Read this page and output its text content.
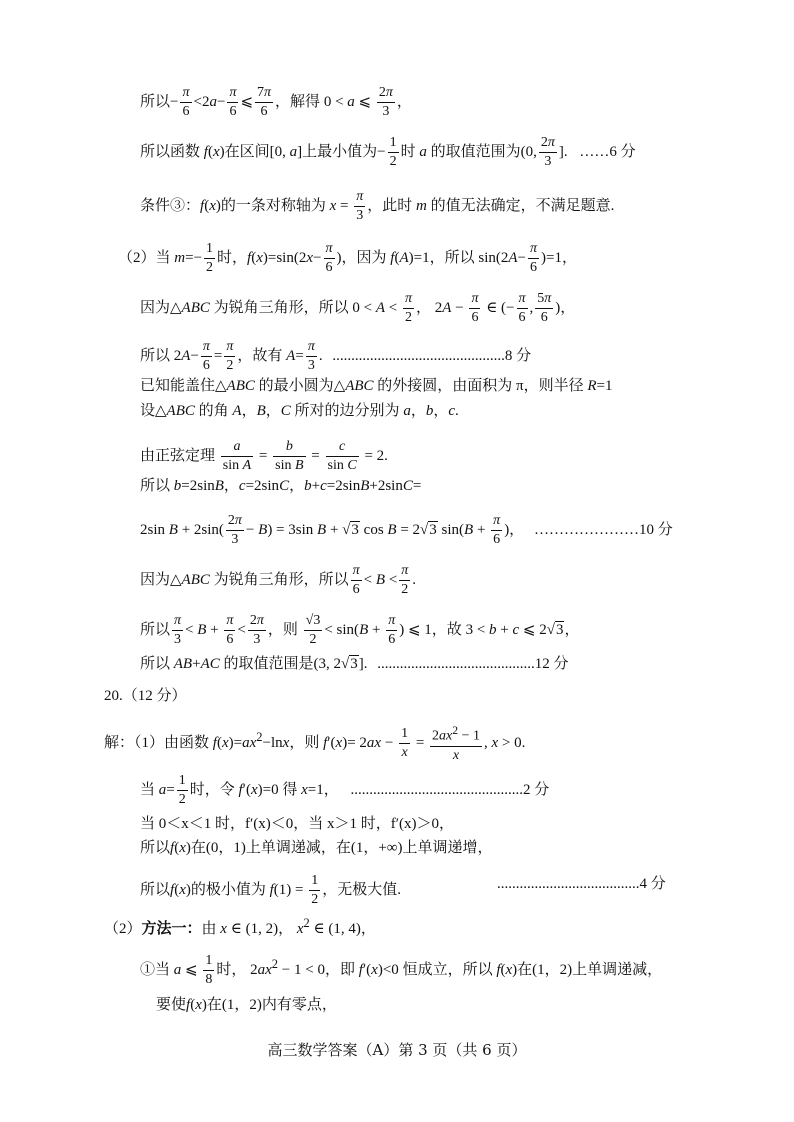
所以− $\frac{\pi}{6} <2a- \frac{\pi}{6}$ ⩽ $\frac{7\pi}{6}$ ，解得 0 < a ⩽ $\frac{2\pi}{3}$ ，
所以函数 f(x)在区间[0, a]上最小值为− $\frac{1}{2}$ 时 a 的取值范围为(0, $\frac{2\pi}{3}$ ]. ……6 分
条件③：f(x)的一条对称轴为 $x = \frac{\pi}{3}$ ，此时 m 的值无法确定，不满足题意.
（2）当 $m=- \frac{1}{2}$ 时，$f(x)=\sin(2x- \frac{\pi}{6}$ )，因为 f(A)=1，所以 $\sin(2A- \frac{\pi}{6} )=1$，
因为△ABC 为锐角三角形，所以 $0 < A < \frac{\pi}{2}$ ， $2A - \frac{\pi}{6}$ ∈ (− $\frac{\pi}{6}$ , $\frac{5\pi}{6}$ )，
所以 $2A- \frac{\pi}{6} = \frac{\pi}{2}$ ，故有 $A= \frac{\pi}{3}$ . ..............................................8 分
已知能盖住△ABC 的最小圆为△ABC 的外接圆，由面积为 π，则半径 R=1
设△ABC 的角 A，B，C 所对的边分别为 a，b，c.
由正弦定理 $\frac{a}{\text{sin A}} = \frac{b}{\text{sin B}} = \frac{c}{\text{sin C}} = 2$.
所以 b=2sinB，c=2sinC，b+c=2sinB+2sinC=
2sin $B + 2\sin( \frac{2\pi}{3} - B) = 3\sin$ B + √3 cos B = 2√3 $\sin(B + \frac{\pi}{6}$ )， …………………10 分
因为△ABC 为锐角三角形，所以 $\frac{\pi}{6} < B < \frac{\pi}{2}$ .
所以 $\frac{\pi}{3} < B + \frac{\pi}{6} < \frac{2\pi}{3}$ ，则 $\frac{√3}{2} < \sin(B + \frac{\pi}{6}$ ) ⩽ 1，故 3 < b + c ⩽ 2√3，
所以 AB+AC 的取值范围是(3, 2√3]. ..........................................12 分
20.（12 分）
解：（1）由函数 $f(x)=ax^2-\ln x$，则 $f'(x)= 2ax - \frac{1}{x} = \frac{2ax^2 - 1}{x}$ , x > 0.
当 $a= \frac{1}{2}$ 时，令 f′(x)=0 得 x=1， ..............................................2 分
当 0＜x＜1 时，f′(x)＜0，当 x＞1 时，f′(x)＞0，
所以f(x)在(0，1)上单调递减，在(1，+∞)上单调递增，
所以f(x)的极小值为 $f(1) = \frac{1}{2}$ ，无极大值.	......................................4 分
（2）方法一：由 x ∈ (1, 2)， $x^2$ ∈ (1, 4)，
①当 a ⩽ $\frac{1}{8}$ 时， $2ax^2 - 1 < 0$，即 f′(x)<0 恒成立，所以 f(x)在(1，2)上单调递减，
要使f(x)在(1，2)内有零点，
高三数学答案（A）第 3 页（共 6 页）
